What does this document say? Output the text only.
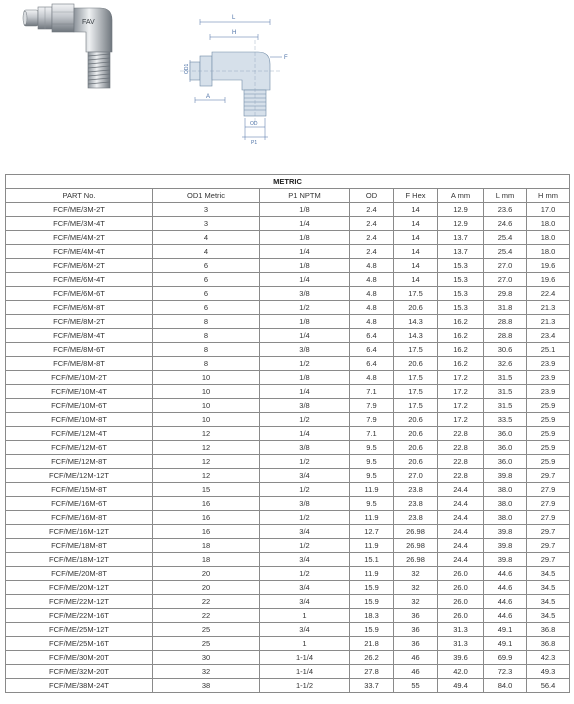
FAV
L
H
F
OD1
A
OD
P1
METRIC							
PART No.	OD1 Metric	P1 NPTM	OD	F Hex	A mm	L mm	H mm
FCF/ME/3M-2T	3	1/8	2.4	14	12.9	23.6	17.0
FCF/ME/3M-4T	3	1/4	2.4	14	12.9	24.6	18.0
FCF/ME/4M-2T	4	1/8	2.4	14	13.7	25.4	18.0
FCF/ME/4M-4T	4	1/4	2.4	14	13.7	25.4	18.0
FCF/ME/6M-2T	6	1/8	4.8	14	15.3	27.0	19.6
FCF/ME/6M-4T	6	1/4	4.8	14	15.3	27.0	19.6
FCF/ME/6M-6T	6	3/8	4.8	17.5	15.3	29.8	22.4
FCF/ME/6M-8T	6	1/2	4.8	20.6	15.3	31.8	21.3
FCF/ME/8M-2T	8	1/8	4.8	14.3	16.2	28.8	21.3
FCF/ME/8M-4T	8	1/4	6.4	14.3	16.2	28.8	23.4
FCF/ME/8M-6T	8	3/8	6.4	17.5	16.2	30.6	25.1
FCF/ME/8M-8T	8	1/2	6.4	20.6	16.2	32.6	23.9
FCF/ME/10M-2T	10	1/8	4.8	17.5	17.2	31.5	23.9
FCF/ME/10M-4T	10	1/4	7.1	17.5	17.2	31.5	23.9
FCF/ME/10M-6T	10	3/8	7.9	17.5	17.2	31.5	25.9
FCF/ME/10M-8T	10	1/2	7.9	20.6	17.2	33.5	25.9
FCF/ME/12M-4T	12	1/4	7.1	20.6	22.8	36.0	25.9
FCF/ME/12M-6T	12	3/8	9.5	20.6	22.8	36.0	25.9
FCF/ME/12M-8T	12	1/2	9.5	20.6	22.8	36.0	25.9
FCF/ME/12M-12T	12	3/4	9.5	27.0	22.8	39.8	29.7
FCF/ME/15M-8T	15	1/2	11.9	23.8	24.4	38.0	27.9
FCF/ME/16M-6T	16	3/8	9.5	23.8	24.4	38.0	27.9
FCF/ME/16M-8T	16	1/2	11.9	23.8	24.4	38.0	27.9
FCF/ME/16M-12T	16	3/4	12.7	26.98	24.4	39.8	29.7
FCF/ME/18M-8T	18	1/2	11.9	26.98	24.4	39.8	29.7
FCF/ME/18M-12T	18	3/4	15.1	26.98	24.4	39.8	29.7
FCF/ME/20M-8T	20	1/2	11.9	32	26.0	44.6	34.5
FCF/ME/20M-12T	20	3/4	15.9	32	26.0	44.6	34.5
FCF/ME/22M-12T	22	3/4	15.9	32	26.0	44.6	34.5
FCF/ME/22M-16T	22	1	18.3	36	26.0	44.6	34.5
FCF/ME/25M-12T	25	3/4	15.9	36	31.3	49.1	36.8
FCF/ME/25M-16T	25	1	21.8	36	31.3	49.1	36.8
FCF/ME/30M-20T	30	1-1/4	26.2	46	39.6	69.9	42.3
FCF/ME/32M-20T	32	1-1/4	27.8	46	42.0	72.3	49.3
FCF/ME/38M-24T	38	1-1/2	33.7	55	49.4	84.0	56.4
